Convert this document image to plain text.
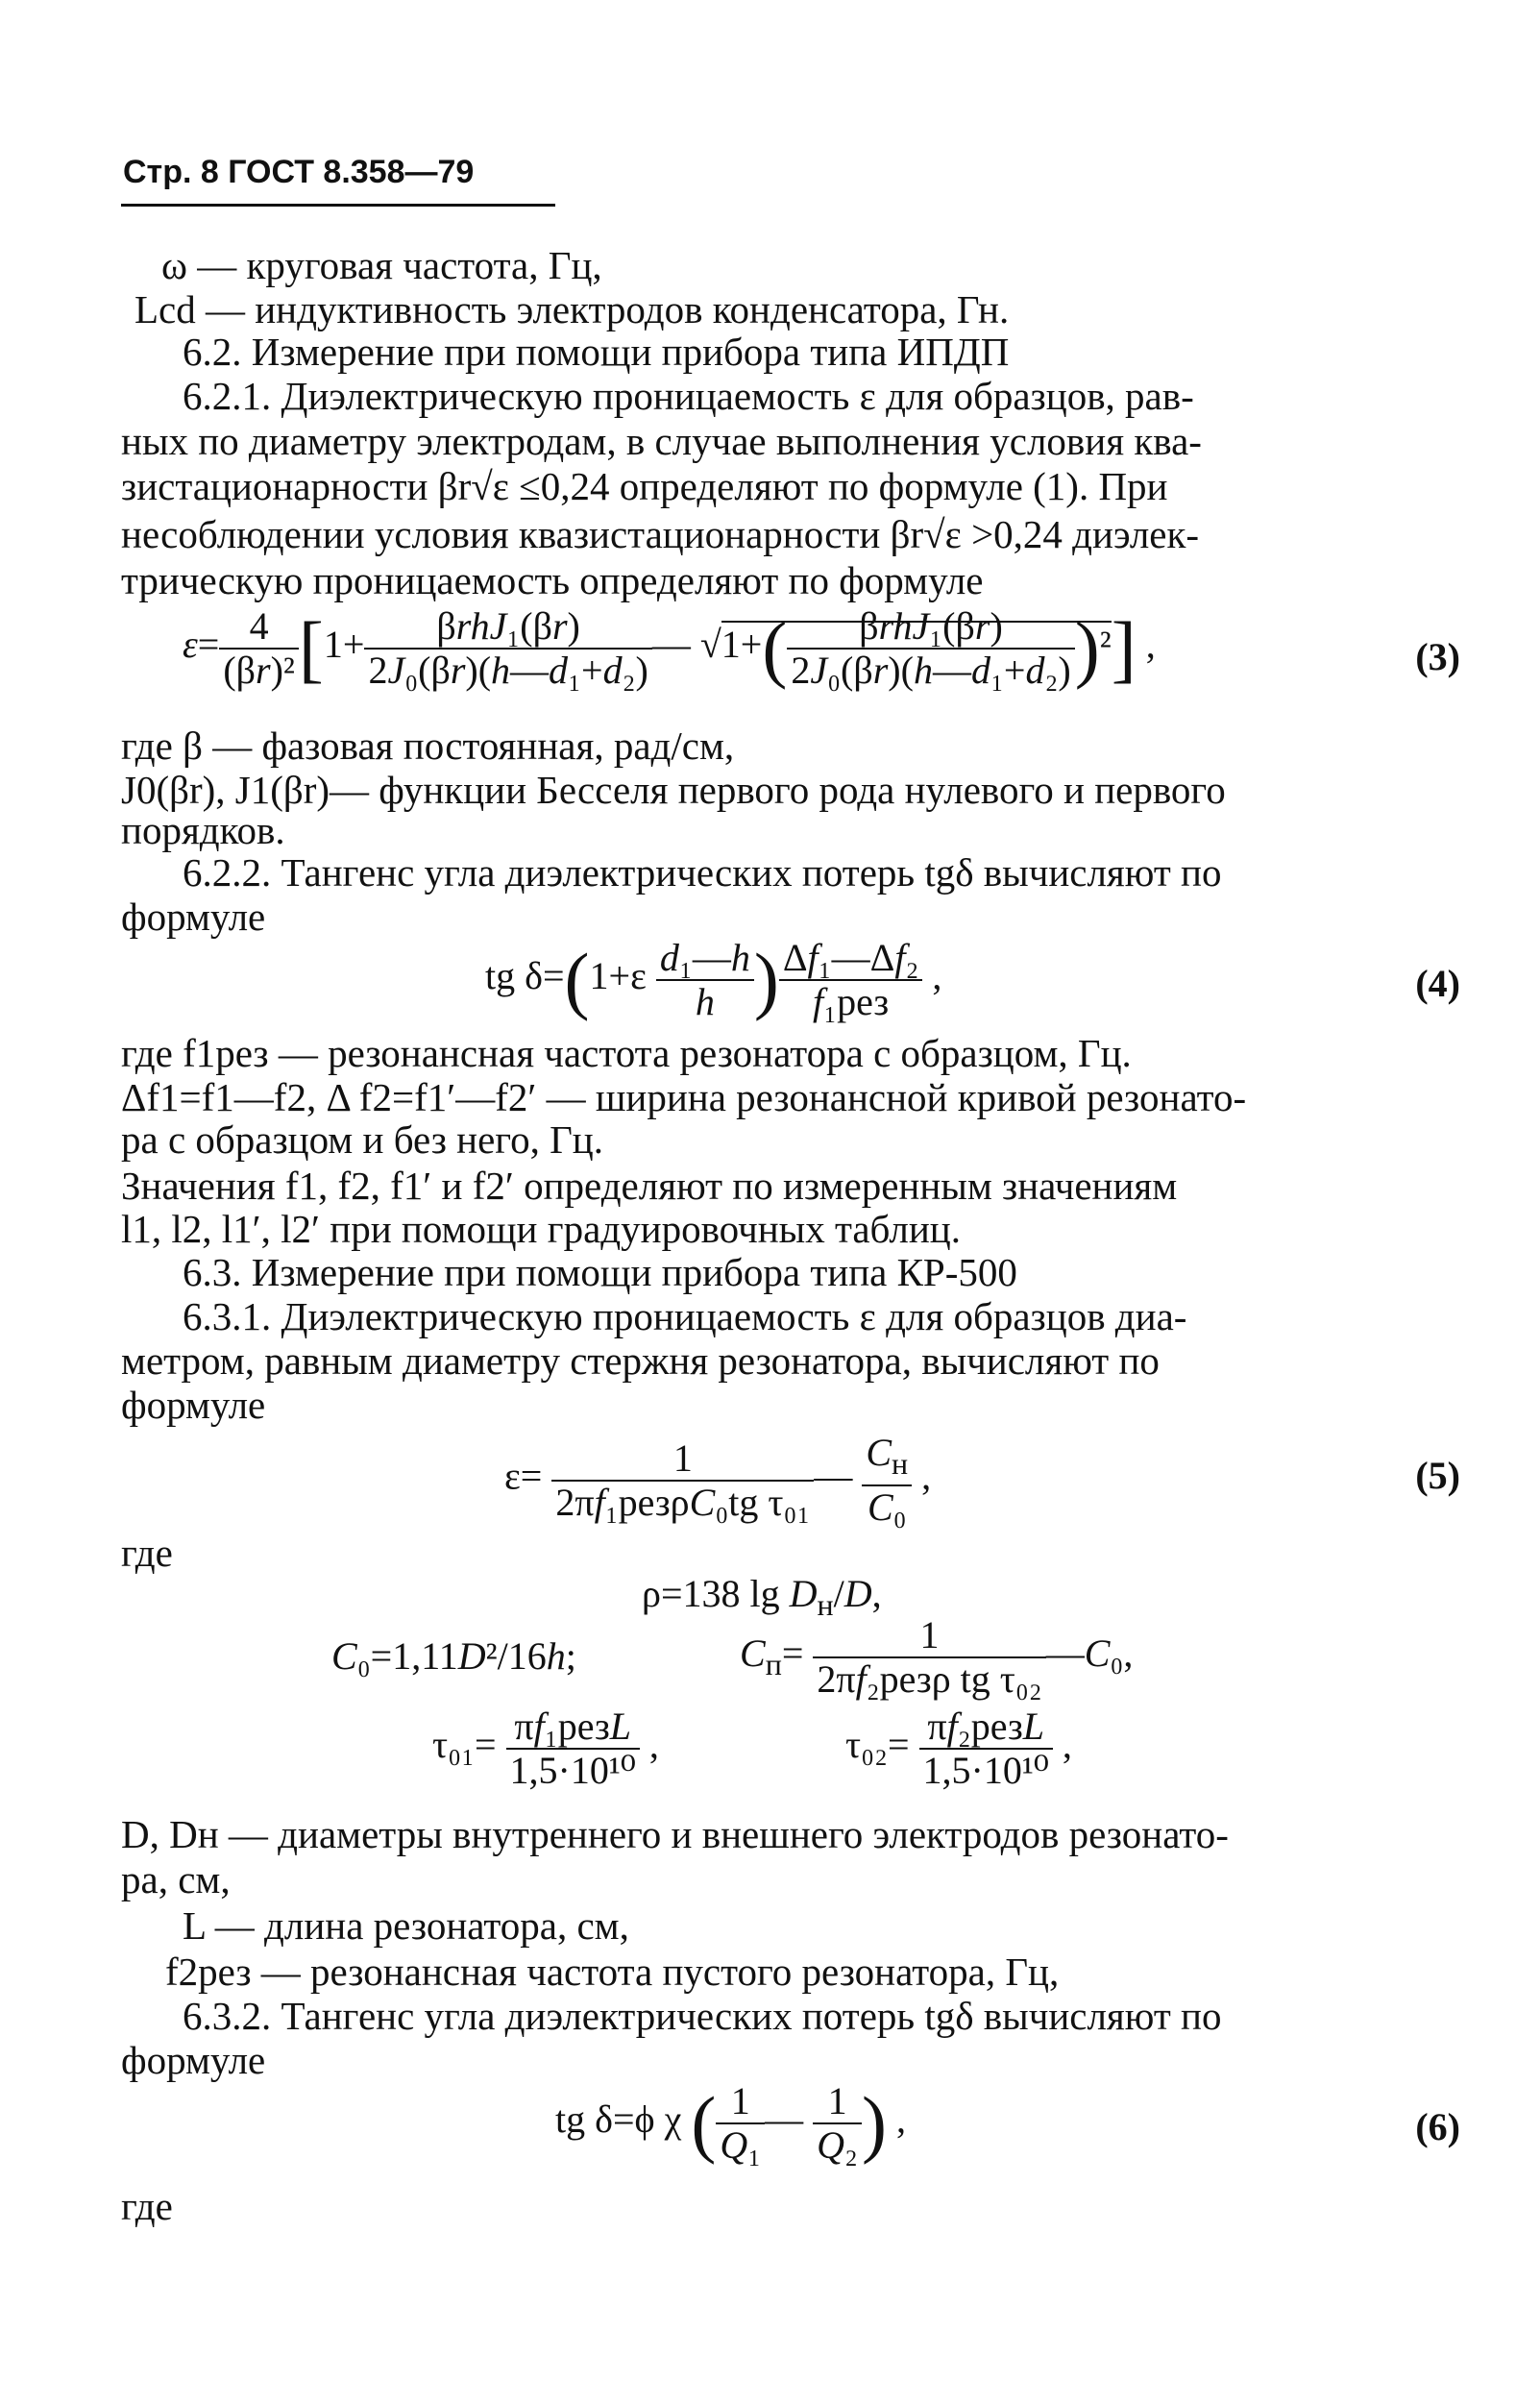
Стр. 8 ГОСТ 8.358—79
ω — круговая частота, Гц,
Lcd — индуктивность электродов конденсатора, Гн.
6.2. Измерение при помощи прибора типа ИПДП
6.2.1. Диэлектрическую проницаемость ε для образцов, рав-
ных по диаметру электродам, в случае выполнения условия ква-
зистационарности βr√ε ≤0,24 определяют по формуле (1). При
несоблюдении условия квазистационарности βr√ε >0,24 диэлек-
трическую проницаемость определяют по формуле
$\varepsilon= \frac{4}{\text{(βr)²}} [1+ \frac{\text{βrhJ₁(βr)}}{\text{2J₀(βr)(h—d₁+d₂)}}$ — $√1+( \frac{\text{βrhJ₁(βr)}}{\text{2J₀(βr)(h—d₁+d₂)}} )^2$] ,	(3)
где β — фазовая постоянная, рад/см,
J0(βr), J1(βr)— функции Бесселя первого рода нулевого и первого
порядков.
6.2.2. Тангенс угла диэлектрических потерь tgδ вычисляют по
формуле
tg $\delta=(1+\varepsilon \frac{\text{d₁—h}}{h}$ ) $\frac{\text{Δf₁—Δf₂}}{\text{f₁рез}}$ ,	(4)
где f1рез — резонансная частота резонатора с образцом, Гц.
Δf1=f1—f2, Δ f2=f1′—f2′ — ширина резонансной кривой резонато-
ра с образцом и без него, Гц.
Значения f1, f2, f1′ и f2′ определяют по измеренным значениям
l1, l2, l1′, l2′ при помощи градуировочных таблиц.
6.3. Измерение при помощи прибора типа КР-500
6.3.1. Диэлектрическую проницаемость ε для образцов диа-
метром, равным диаметру стержня резонатора, вычисляют по
формуле
$\varepsilon= \frac{1}{\text{2πf₁резρC₀tg τ₀₁}}$ — $\frac{C_н}{\text{C₀}}$ ,	(5)
где
ρ=138 $\lg D_н/D$,
C₀=1,11D²/16h;	$C_п= \frac{1}{\text{2πf₂резρ tg τ₀₂}}$ —C₀,
$\tau_{01}= \frac{\text{πf₁резL}}{\text{1,5·10¹⁰}}$ ,	$\tau_{02}= \frac{\text{πf₂резL}}{\text{1,5·10¹⁰}}$ ,
D, Dн — диаметры внутреннего и внешнего электродов резонато-
ра, см,
L — длина резонатора, см,
f2рез — резонансная частота пустого резонатора, Гц,
6.3.2. Тангенс угла диэлектрических потерь tgδ вычисляют по
формуле
tg δ=ϕ χ ( $\frac{1}{\text{Q₁}}$ — $\frac{1}{\text{Q₂}}$ ) ,	(6)
где
